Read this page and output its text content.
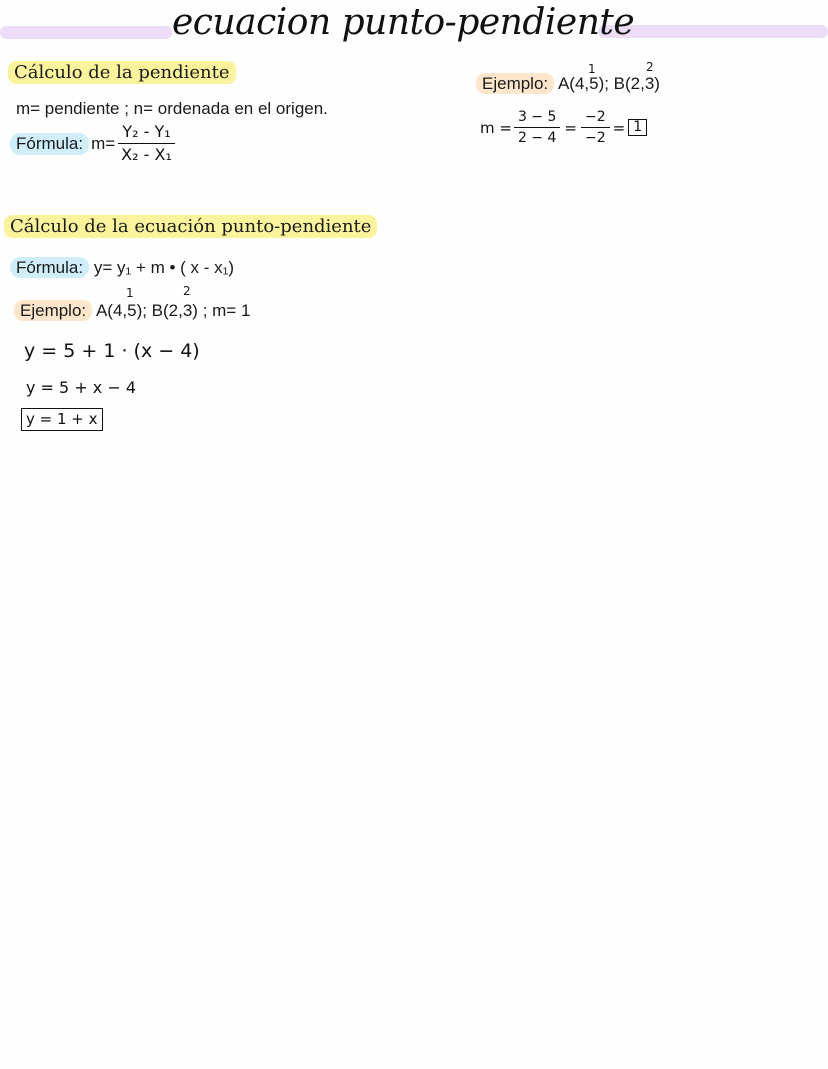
ecuacion punto-pendiente
Cálculo de la pendiente
m= pendiente ; n= ordenada en el origen.
Fórmula: $m= \frac{\text{Y₂ - Y₁}}{\text{X₂ - X₁}}$
Ejemplo: A(4,5); B(2,3)
1	2
$m = \frac{3 - 5}{2 - 4} = \frac{-2}{-2} = 1$
Cálculo de la ecuación punto-pendiente
Fórmula: y= y₁ + m • ( x - x₁)
Ejemplo: A(4,5); B(2,3) ; m= 1
1	2
y = 5 + 1 · (x − 4)
y = 5 + x − 4
y = 1 + x
